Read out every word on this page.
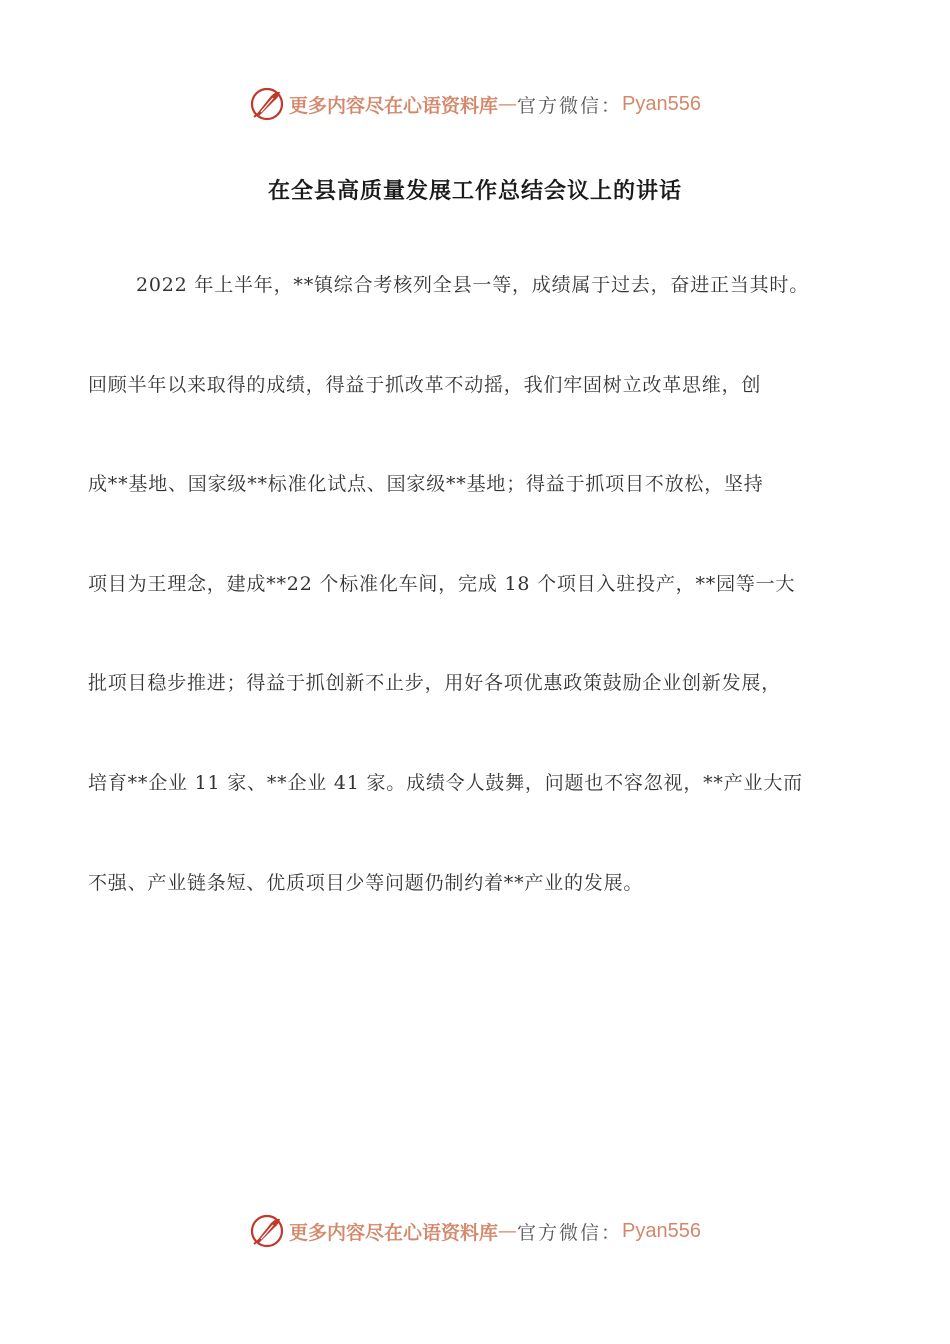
更多内容尽在心语资料库 — 官方微信： Pyan556
在全县高质量发展工作总结会议上的讲话
2022 年上半年，**镇综合考核列全县一等，成绩属于过去，奋进正当其时。
回顾半年以来取得的成绩，得益于抓改革不动摇，我们牢固树立改革思维，创
成**基地、国家级**标准化试点、国家级**基地；得益于抓项目不放松，坚持
项目为王理念，建成**22 个标准化车间，完成 18 个项目入驻投产，**园等一大
批项目稳步推进；得益于抓创新不止步，用好各项优惠政策鼓励企业创新发展，
培育**企业 11 家、**企业 41 家。成绩令人鼓舞，问题也不容忽视，**产业大而
不强、产业链条短、优质项目少等问题仍制约着**产业的发展。
更多内容尽在心语资料库 — 官方微信： Pyan556
